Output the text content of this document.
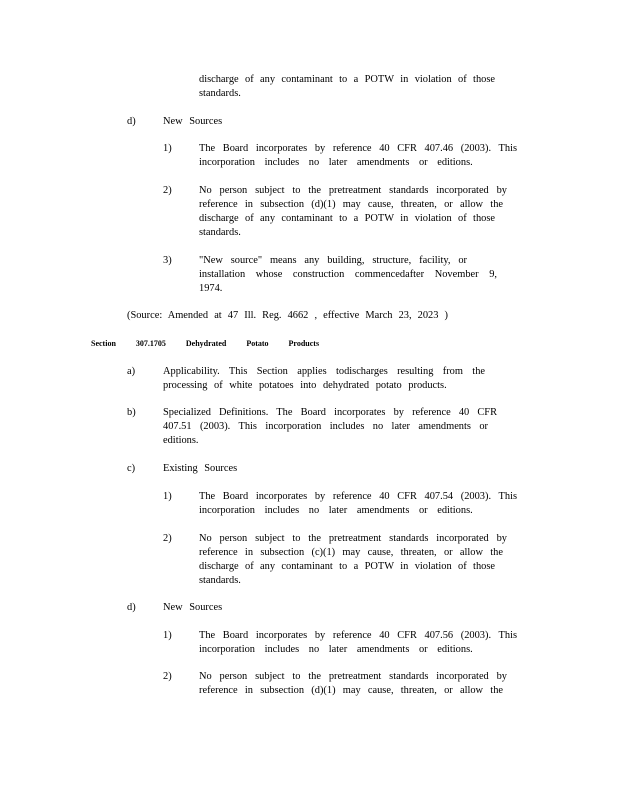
discharge of any contaminant to a POTW in violation of those
standards.
d)	New Sources
1)	The Board incorporates by reference 40 CFR 407.46 (2003). This
incorporation includes no later amendments or editions.
2)	No person subject to the pretreatment standards incorporated by
reference in subsection (d)(1) may cause, threaten, or allow the
discharge of any contaminant to a POTW in violation of those
standards.
3)	"New source" means any building, structure, facility, or
installation whose construction commencedafter November 9,
1974.
(Source: Amended at 47 Ill. Reg. 4662 , effective March 23, 2023 )
Section 307.1705 Dehydrated Potato Products
a)	Applicability. This Section applies todischarges resulting from the
processing of white potatoes into dehydrated potato products.
b)	Specialized Definitions. The Board incorporates by reference 40 CFR
407.51 (2003). This incorporation includes no later amendments or
editions.
c)	Existing Sources
1)	The Board incorporates by reference 40 CFR 407.54 (2003). This
incorporation includes no later amendments or editions.
2)	No person subject to the pretreatment standards incorporated by
reference in subsection (c)(1) may cause, threaten, or allow the
discharge of any contaminant to a POTW in violation of those
standards.
d)	New Sources
1)	The Board incorporates by reference 40 CFR 407.56 (2003). This
incorporation includes no later amendments or editions.
2)	No person subject to the pretreatment standards incorporated by
reference in subsection (d)(1) may cause, threaten, or allow the
